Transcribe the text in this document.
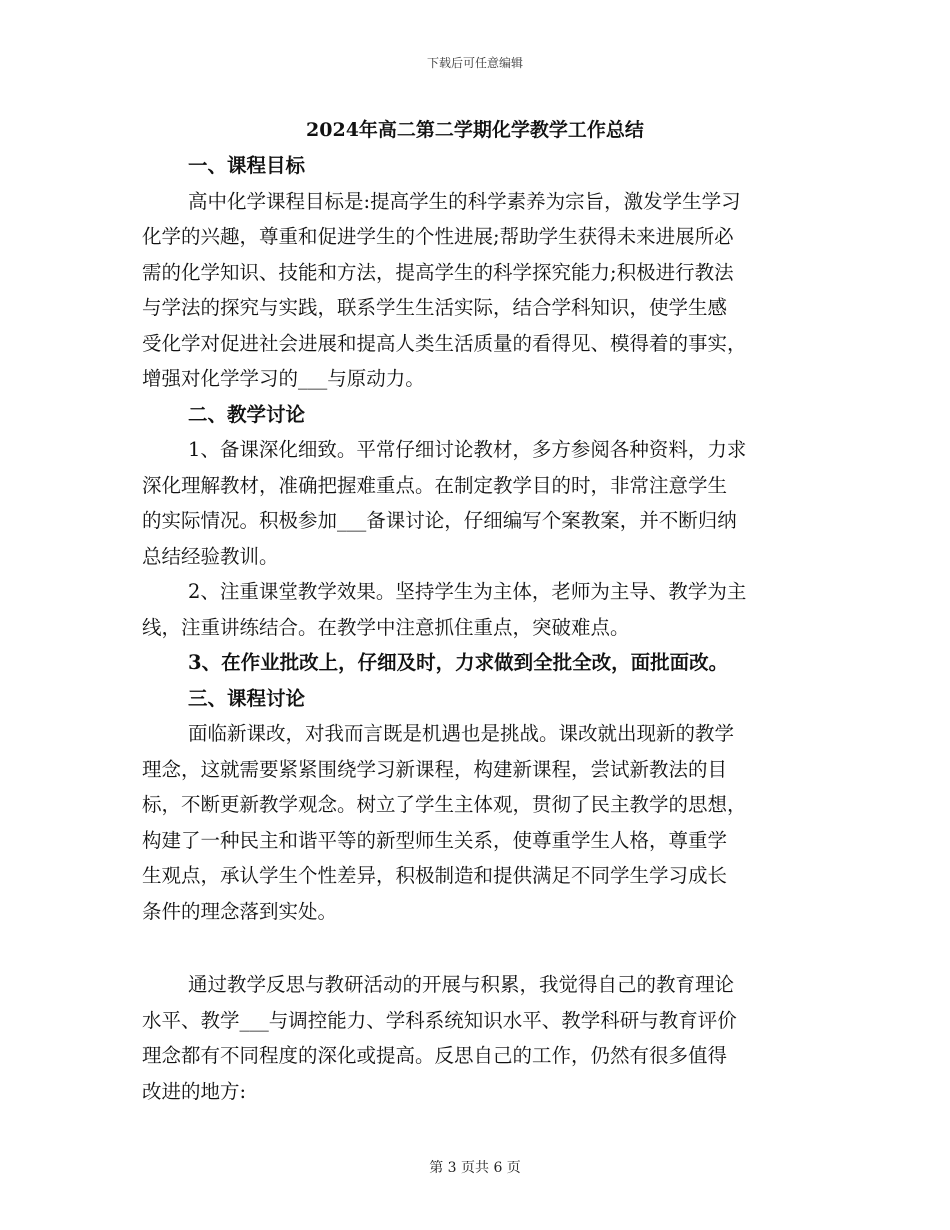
下载后可任意编辑
2024年高二第二学期化学教学工作总结

一、课程目标

高中化学课程目标是:提高学生的科学素养为宗旨，激发学生学习

化学的兴趣，尊重和促进学生的个性进展;帮助学生获得未来进展所必

需的化学知识、技能和方法，提高学生的科学探究能力;积极进行教法

与学法的探究与实践，联系学生生活实际，结合学科知识，使学生感

受化学对促进社会进展和提高人类生活质量的看得见、模得着的事实，

增强对化学学习的___与原动力。

二、教学讨论

1、备课深化细致。平常仔细讨论教材，多方参阅各种资料，力求

深化理解教材，准确把握难重点。在制定教学目的时，非常注意学生

的实际情况。积极参加___备课讨论，仔细编写个案教案，并不断归纳

总结经验教训。

2、注重课堂教学效果。坚持学生为主体，老师为主导、教学为主

线，注重讲练结合。在教学中注意抓住重点，突破难点。

3、在作业批改上，仔细及时，力求做到全批全改，面批面改。

三、课程讨论

面临新课改，对我而言既是机遇也是挑战。课改就出现新的教学

理念，这就需要紧紧围绕学习新课程，构建新课程，尝试新教法的目

标，不断更新教学观念。树立了学生主体观，贯彻了民主教学的思想，

构建了一种民主和谐平等的新型师生关系，使尊重学生人格，尊重学

生观点，承认学生个性差异，积极制造和提供满足不同学生学习成长

条件的理念落到实处。

通过教学反思与教研活动的开展与积累，我觉得自己的教育理论

水平、教学___与调控能力、学科系统知识水平、教学科研与教育评价

理念都有不同程度的深化或提高。反思自己的工作，仍然有很多值得

改进的地方:

第 3 页共 6 页
